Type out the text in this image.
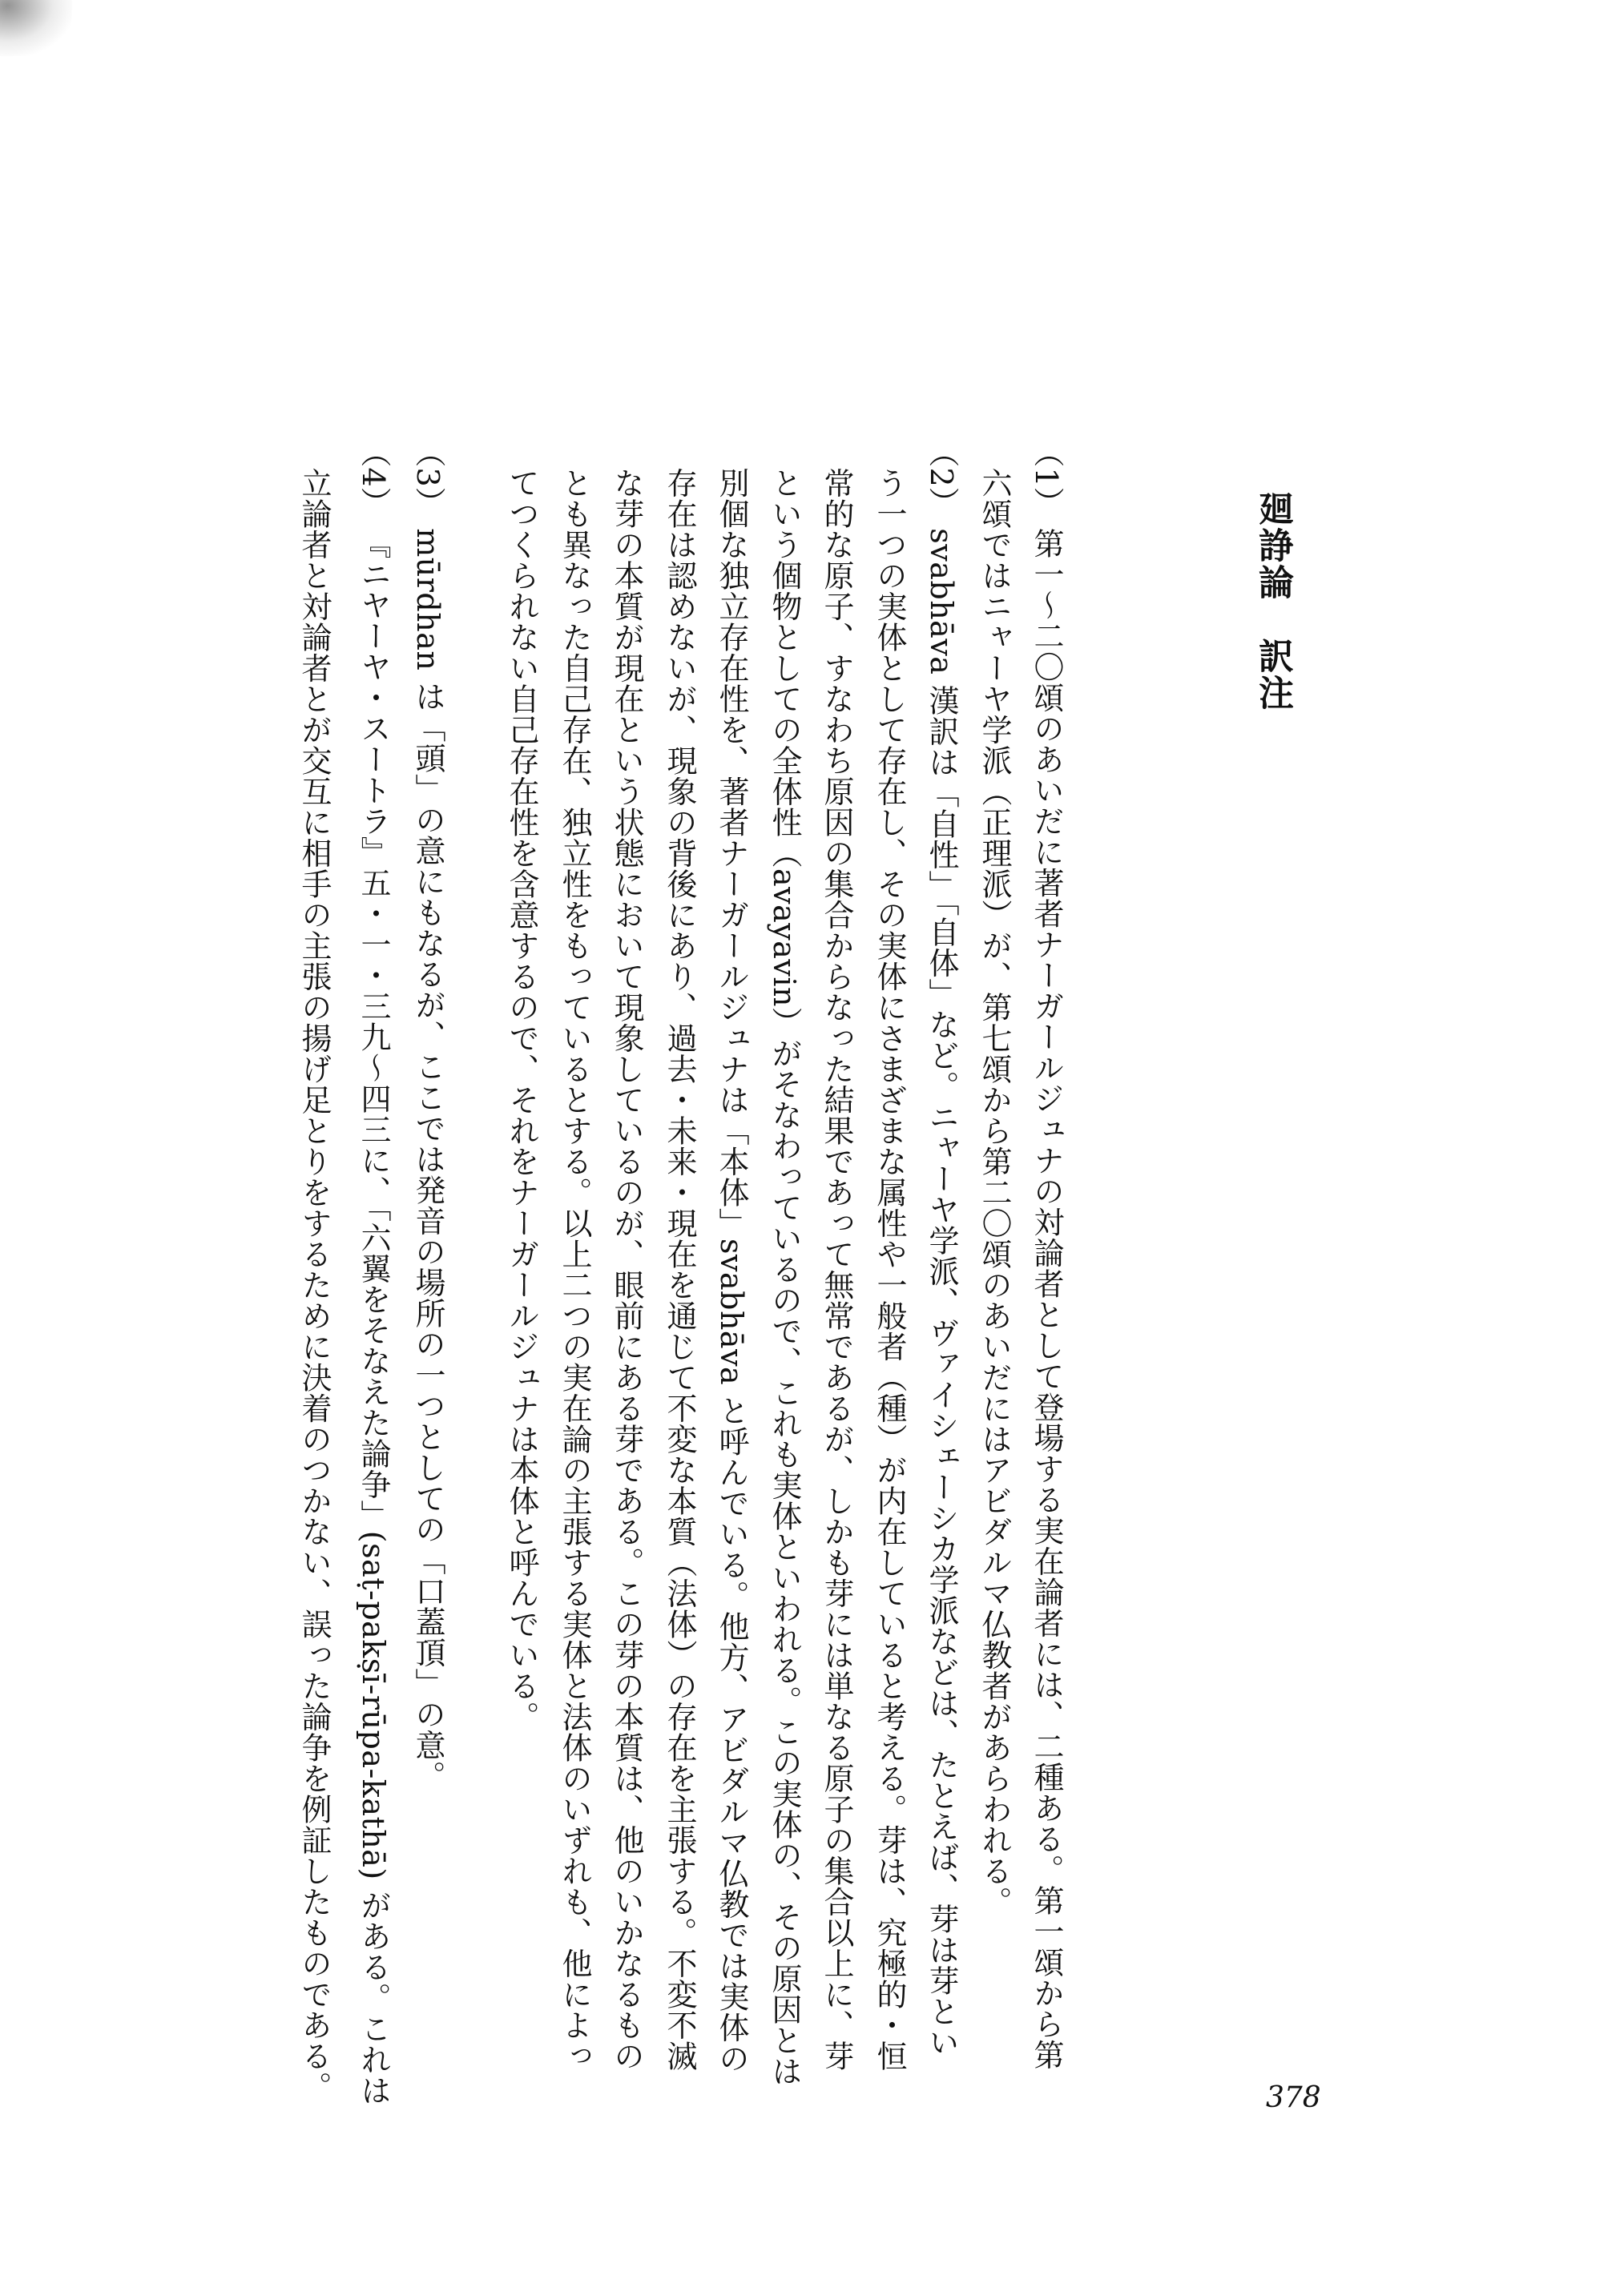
廻諍論　訳注
（1） 第一〜二〇頌のあいだに著者ナーガールジュナの対論者として登場する実在論者には、二種ある。第一頌から第
　六頌ではニャーヤ学派（正理派）が、第七頌から第二〇頌のあいだにはアビダルマ仏教者があらわれる。
（2） svabhāva 漢訳は「自性」「自体」など。ニャーヤ学派、ヴァイシェーシカ学派などは、たとえば、芽は芽とい
　う一つの実体として存在し、その実体にさまざまな属性や一般者（種）が内在していると考える。芽は、究極的・恒
　常的な原子、すなわち原因の集合からなった結果であって無常であるが、しかも芽には単なる原子の集合以上に、芽
　という個物としての全体性（avayavin）がそなわっているので、これも実体といわれる。この実体の、その原因とは
　別個な独立存在性を、著者ナーガールジュナは「本体」svabhāva と呼んでいる。他方、アビダルマ仏教では実体の
　存在は認めないが、現象の背後にあり、過去・未来・現在を通じて不変な本質（法体）の存在を主張する。不変不滅
　な芽の本質が現在という状態において現象しているのが、眼前にある芽である。この芽の本質は、他のいかなるもの
　とも異なった自己存在、独立性をもっているとする。以上二つの実在論の主張する実体と法体のいずれも、他によっ
　てつくられない自己存在性を含意するので、それをナーガールジュナは本体と呼んでいる。
（3） mūrdhan は「頭」の意にもなるが、ここでは発音の場所の一つとしての「口蓋頂」の意。
（4） 『ニヤーヤ・スートラ』五・一・三九〜四三に、「六翼をそなえた論争」(saṭ-pakṣī-rūpa-kathā) がある。これは
　立論者と対論者とが交互に相手の主張の揚げ足とりをするために決着のつかない、誤った論争を例証したものである。	378
